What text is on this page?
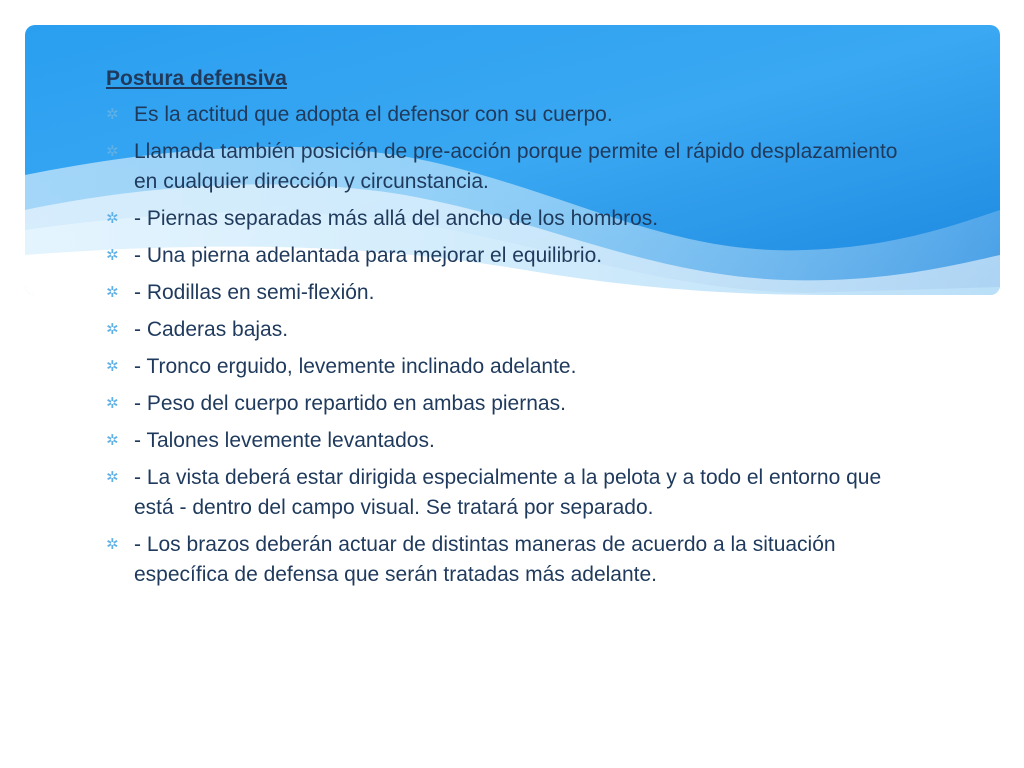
Postura defensiva
✲ Es la actitud que adopta el defensor con su cuerpo.
✲ Llamada también posición de pre-acción porque permite el rápido desplazamiento en cualquier dirección y circunstancia.
✲ - Piernas separadas más allá del ancho de los hombros.
✲ - Una pierna adelantada para mejorar el equilibrio.
✲ - Rodillas en semi-flexión.
✲ - Caderas bajas.
✲ - Tronco erguido, levemente inclinado adelante.
✲ - Peso del cuerpo repartido en ambas piernas.
✲ - Talones levemente levantados.
✲ - La vista deberá estar dirigida especialmente a la pelota y a todo el entorno que está - dentro del campo visual. Se tratará por separado.
✲ - Los brazos deberán actuar de distintas maneras de acuerdo a la situación específica de defensa que serán tratadas más adelante.
